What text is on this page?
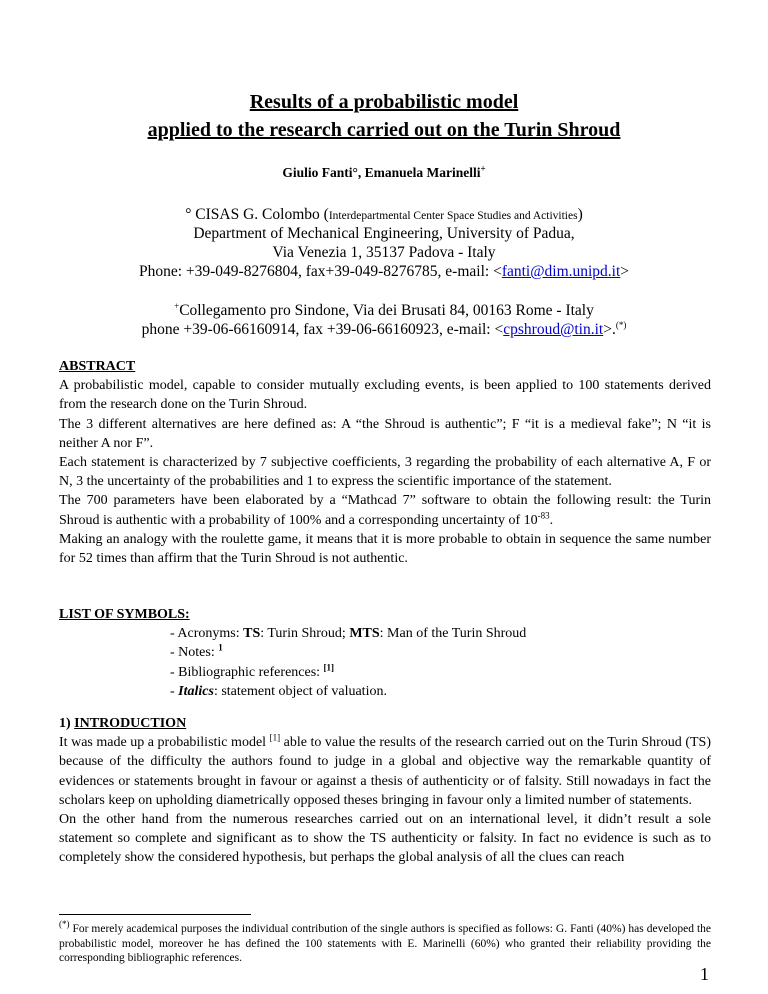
Results of a probabilistic model
applied to the research carried out on the Turin Shroud
Giulio Fanti°, Emanuela Marinelli+
° CISAS G. Colombo (Interdepartmental Center Space Studies and Activities)
Department of Mechanical Engineering, University of Padua,
Via Venezia 1, 35137 Padova - Italy
Phone: +39-049-8276804, fax+39-049-8276785, e-mail: <fanti@dim.unipd.it>
+Collegamento pro Sindone, Via dei Brusati 84, 00163 Rome - Italy
phone +39-06-66160914, fax +39-06-66160923, e-mail: <cpshroud@tin.it>.(*)
ABSTRACT
A probabilistic model, capable to consider mutually excluding events, is been applied to 100 statements derived from the research done on the Turin Shroud.
The 3 different alternatives are here defined as: A “the Shroud is authentic”; F “it is a medieval fake”; N “it is neither A nor F”.
Each statement is characterized by 7 subjective coefficients, 3 regarding the probability of each alternative A, F or N, 3 the uncertainty of the probabilities and 1 to express the scientific importance of the statement.
The 700 parameters have been elaborated by a “Mathcad 7” software to obtain the following result: the Turin Shroud is authentic with a probability of 100% and a corresponding uncertainty of $10^{-83}$.
Making an analogy with the roulette game, it means that it is more probable to obtain in sequence the same number for 52 times than affirm that the Turin Shroud is not authentic.
LIST OF SYMBOLS:
- Acronyms: TS: Turin Shroud; MTS: Man of the Turin Shroud
- Notes: $^1$
- Bibliographic references: [1]
- Italics: statement object of valuation.
1) INTRODUCTION
It was made up a probabilistic model [1] able to value the results of the research carried out on the Turin Shroud (TS) because of the difficulty the authors found to judge in a global and objective way the remarkable quantity of evidences or statements brought in favour or against a thesis of authenticity or of falsity. Still nowadays in fact the scholars keep on upholding diametrically opposed theses bringing in favour only a limited number of statements.
On the other hand from the numerous researches carried out on an international level, it didn’t result a sole statement so complete and significant as to show the TS authenticity or falsity. In fact no evidence is such as to completely show the considered hypothesis, but perhaps the global analysis of all the clues can reach
(*) For merely academical purposes the individual contribution of the single authors is specified as follows: G. Fanti (40%) has developed the probabilistic model, moreover he has defined the 100 statements with E. Marinelli (60%) who granted their reliability providing the corresponding bibliographic references.
1
